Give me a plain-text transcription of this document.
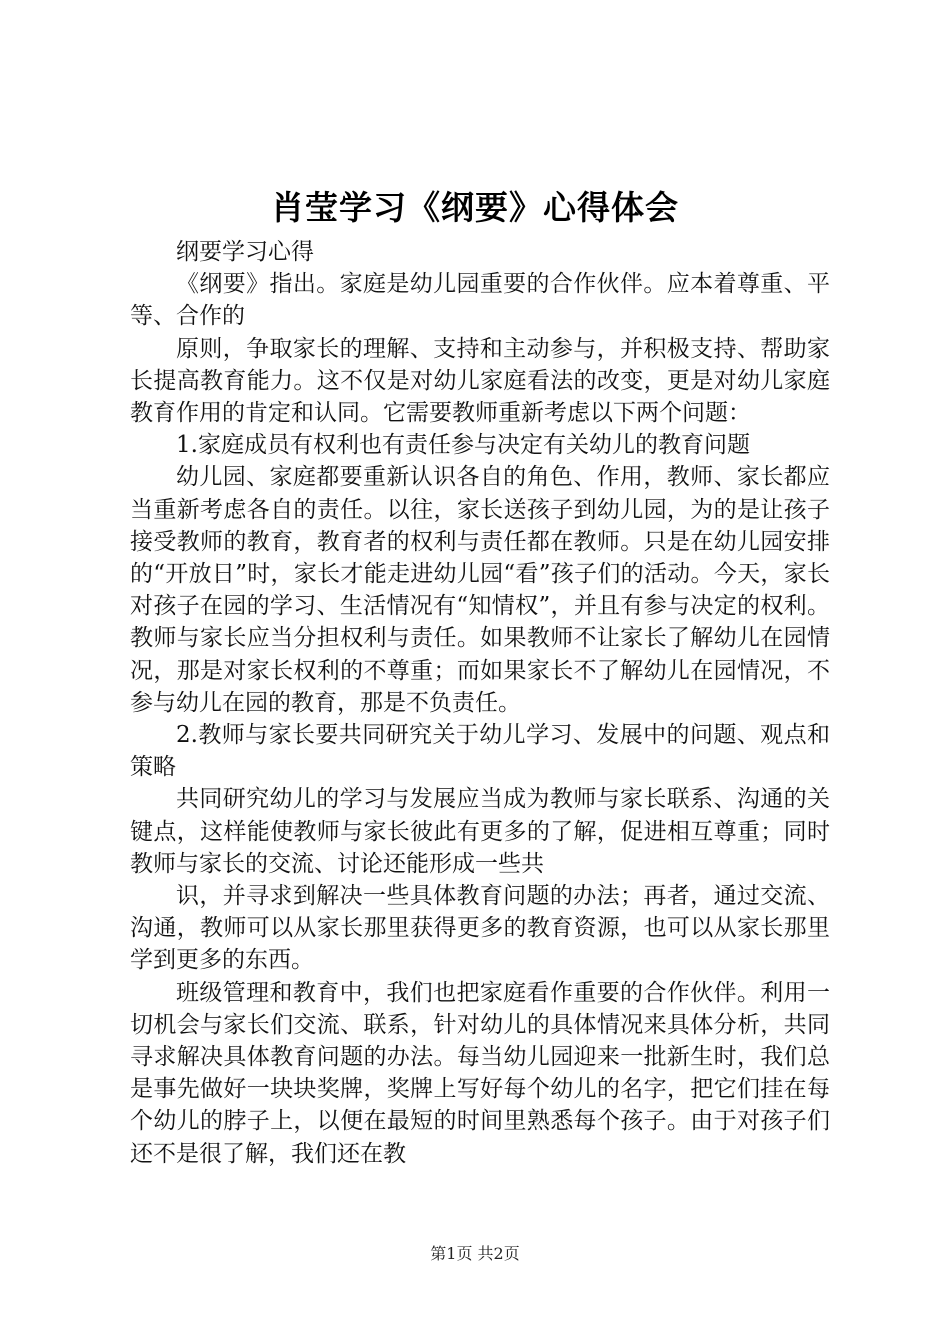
肖莹学习《纲要》心得体会

纲要学习心得

《纲要》指出。家庭是幼儿园重要的合作伙伴。应本着尊重、平等、合作的

原则，争取家长的理解、支持和主动参与，并积极支持、帮助家长提高教育能力。这不仅是对幼儿家庭看法的改变，更是对幼儿家庭教育作用的肯定和认同。它需要教师重新考虑以下两个问题：

1.家庭成员有权利也有责任参与决定有关幼儿的教育问题

幼儿园、家庭都要重新认识各自的角色、作用，教师、家长都应当重新考虑各自的责任。以往，家长送孩子到幼儿园，为的是让孩子接受教师的教育，教育者的权利与责任都在教师。只是在幼儿园安排的“开放日”时，家长才能走进幼儿园“看”孩子们的活动。今天，家长对孩子在园的学习、生活情况有“知情权”，并且有参与决定的权利。教师与家长应当分担权利与责任。如果教师不让家长了解幼儿在园情况，那是对家长权利的不尊重；而如果家长不了解幼儿在园情况，不参与幼儿在园的教育，那是不负责任。

2.教师与家长要共同研究关于幼儿学习、发展中的问题、观点和策略

共同研究幼儿的学习与发展应当成为教师与家长联系、沟通的关键点，这样能使教师与家长彼此有更多的了解，促进相互尊重；同时教师与家长的交流、讨论还能形成一些共

识，并寻求到解决一些具体教育问题的办法；再者，通过交流、沟通，教师可以从家长那里获得更多的教育资源，也可以从家长那里学到更多的东西。

班级管理和教育中，我们也把家庭看作重要的合作伙伴。利用一切机会与家长们交流、联系，针对幼儿的具体情况来具体分析，共同寻求解决具体教育问题的办法。每当幼儿园迎来一批新生时，我们总是事先做好一块块奖牌，奖牌上写好每个幼儿的名字，把它们挂在每个幼儿的脖子上，以便在最短的时间里熟悉每个孩子。由于对孩子们还不是很了解，我们还在教

第1页 共2页
